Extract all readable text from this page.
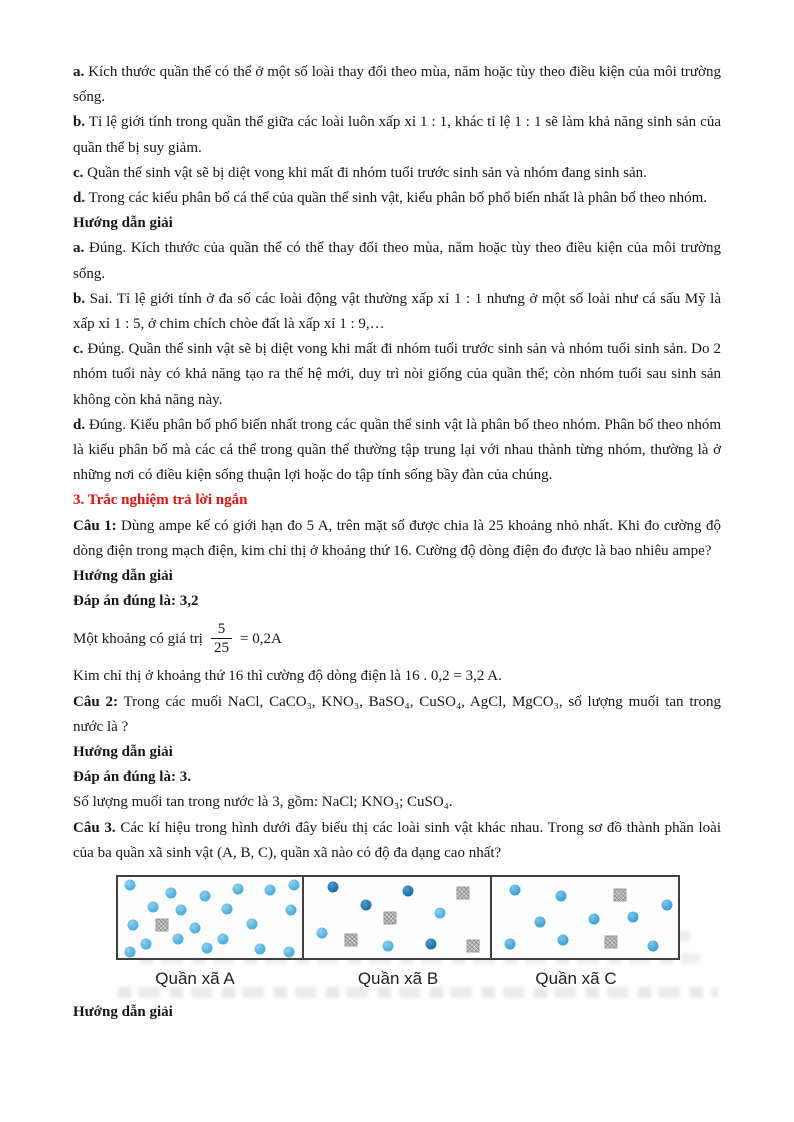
a. Kích thước quần thể có thể ở một số loài thay đổi theo mùa, năm hoặc tùy theo điều kiện của môi trường sống.

b. Tỉ lệ giới tính trong quần thể giữa các loài luôn xấp xỉ 1 : 1, khác tỉ lệ 1 : 1 sẽ làm khả năng sinh sản của quần thể bị suy giảm.

c. Quần thể sinh vật sẽ bị diệt vong khi mất đi nhóm tuổi trước sinh sản và nhóm đang sinh sản.

d. Trong các kiểu phân bố cá thể của quần thể sinh vật, kiểu phân bố phổ biến nhất là phân bố theo nhóm.

Hướng dẫn giải

a. Đúng. Kích thước của quần thể có thể thay đổi theo mùa, năm hoặc tùy theo điều kiện của môi trường sống.

b. Sai. Tỉ lệ giới tính ở đa số các loài động vật thường xấp xỉ 1 : 1 nhưng ở một số loài như cá sấu Mỹ là xấp xỉ 1 : 5, ở chim chích chòe đất là xấp xỉ 1 : 9,…

c. Đúng. Quần thể sinh vật sẽ bị diệt vong khi mất đi nhóm tuổi trước sinh sản và nhóm tuổi sinh sản. Do 2 nhóm tuổi này có khả năng tạo ra thế hệ mới, duy trì nòi giống của quần thể; còn nhóm tuổi sau sinh sản không còn khả năng này.

d. Đúng. Kiểu phân bố phổ biến nhất trong các quần thể sinh vật là phân bố theo nhóm. Phân bố theo nhóm là kiểu phân bố mà các cá thể trong quần thể thường tập trung lại với nhau thành từng nhóm, thường là ở những nơi có điều kiện sống thuận lợi hoặc do tập tính sống bầy đàn của chúng.

3. Trắc nghiệm trả lời ngắn

Câu 1: Dùng ampe kế có giới hạn đo 5 A, trên mặt số được chia là 25 khoảng nhỏ nhất. Khi đo cường độ dòng điện trong mạch điện, kim chỉ thị ở khoảng thứ 16. Cường độ dòng điện đo được là bao nhiêu ampe?

Hướng dẫn giải

Đáp án đúng là: 3,2

Một khoảng có giá trị $\frac{5}{25} = 0,2A$

Kim chỉ thị ở khoảng thứ 16 thì cường độ dòng điện là 16 . 0,2 = 3,2 A.

Câu 2: Trong các muối NaCl, CaCO₃, KNO₃, BaSO₄, CuSO₄, AgCl, MgCO₃, số lượng muối tan trong nước là ?

Hướng dẫn giải

Đáp án đúng là: 3.

Số lượng muối tan trong nước là 3, gồm: NaCl; KNO₃; CuSO₄.

Câu 3. Các kí hiệu trong hình dưới đây biểu thị các loài sinh vật khác nhau. Trong sơ đồ thành phần loài của ba quần xã sinh vật (A, B, C), quần xã nào có độ đa dạng cao nhất?

Quần xã A	Quần xã B	Quần xã C

Hướng dẫn giải
